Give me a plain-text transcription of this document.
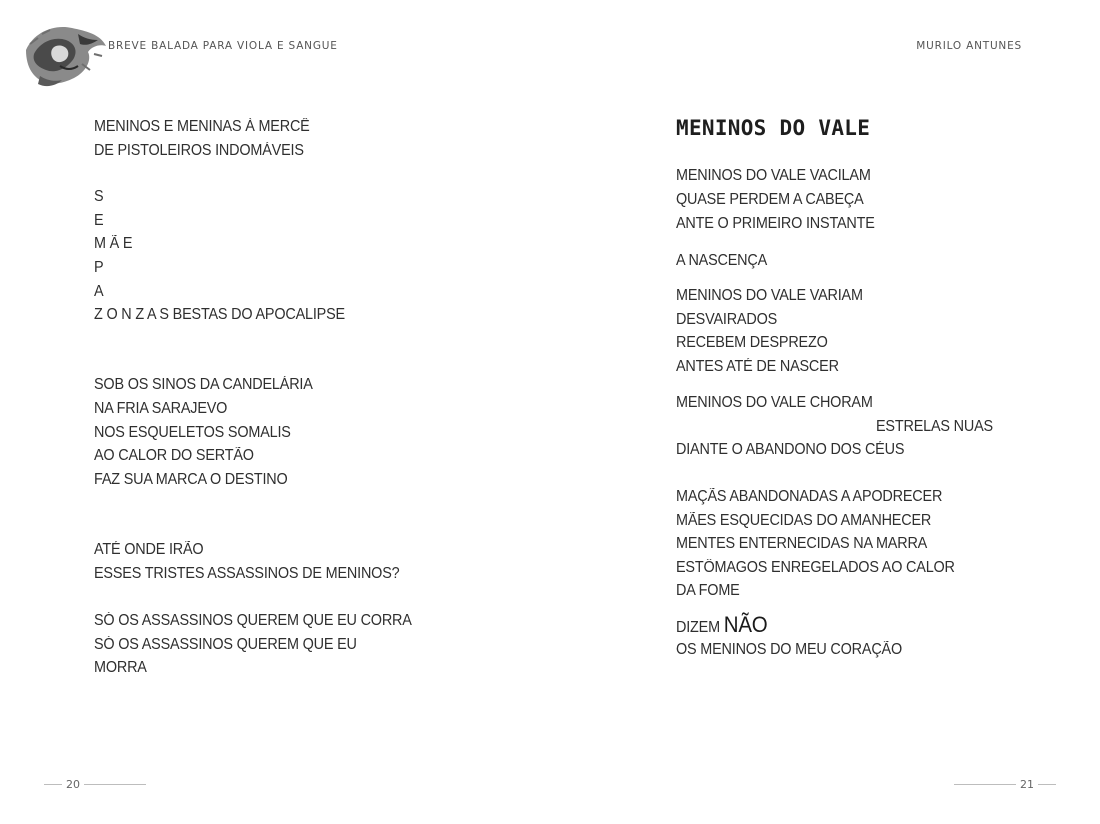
BREVE BALADA PARA VIOLA E SANGUE	MURILO ANTUNES
MENINOS E MENINAS À MERCÊ
DE PISTOLEIROS INDOMÁVEIS
S
E
M Ã E
P
A
Z O N Z A S BESTAS DO APOCALIPSE
SOB OS SINOS DA CANDELÁRIA
NA FRIA SARAJEVO
NOS ESQUELETOS SOMALIS
AO CALOR DO SERTÃO
FAZ SUA MARCA O DESTINO
ATÉ ONDE IRÃO
ESSES TRISTES ASSASSINOS DE MENINOS?
SÓ OS ASSASSINOS QUEREM QUE EU CORRA
SÓ OS ASSASSINOS QUEREM QUE EU
MORRA
MENINOS DO VALE
MENINOS DO VALE VACILAM
QUASE PERDEM A CABEÇA
ANTE O PRIMEIRO INSTANTE
A NASCENÇA
MENINOS DO VALE VARIAM
DESVAIRADOS
RECEBEM DESPREZO
ANTES ATÉ DE NASCER
MENINOS DO VALE CHORAM
ESTRELAS NUAS
DIANTE O ABANDONO DOS CÉUS
MAÇÃS ABANDONADAS A APODRECER
MÃES ESQUECIDAS DO AMANHECER
MENTES ENTERNECIDAS NA MARRA
ESTÔMAGOS ENREGELADOS AO CALOR
DA FOME
DIZEM NÃO
OS MENINOS DO MEU CORAÇÃO
20	21
